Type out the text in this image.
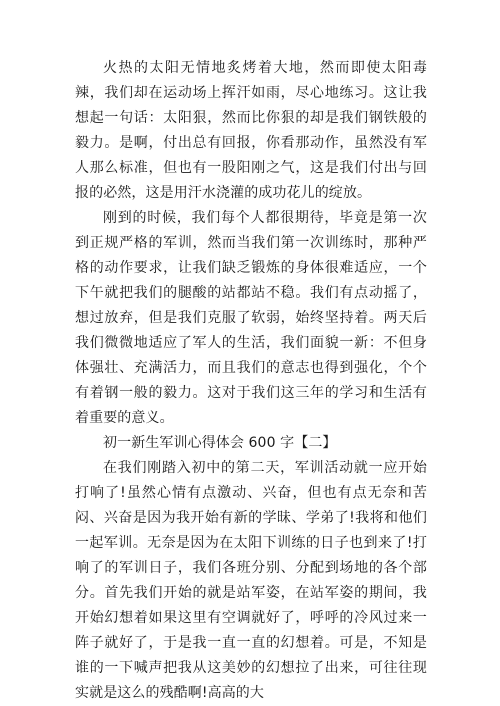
火热的太阳无情地炙烤着大地，然而即使太阳毒辣，我们却在运动场上挥汗如雨，尽心地练习。这让我想起一句话：太阳狠，然而比你狠的却是我们钢铁般的毅力。是啊，付出总有回报，你看那动作，虽然没有军人那么标准，但也有一股阳刚之气，这是我们付出与回报的必然，这是用汗水浇灌的成功花儿的绽放。

刚到的时候，我们每个人都很期待，毕竟是第一次到正规严格的军训，然而当我们第一次训练时，那种严格的动作要求，让我们缺乏锻炼的身体很难适应，一个下午就把我们的腿酸的站都站不稳。我们有点动摇了，想过放弃，但是我们克服了软弱，始终坚持着。两天后我们微微地适应了军人的生活，我们面貌一新：不但身体强壮、充满活力，而且我们的意志也得到强化，个个有着钢一般的毅力。这对于我们这三年的学习和生活有着重要的意义。

初一新生军训心得体会 600 字【二】

在我们刚踏入初中的第二天，军训活动就一应开始打响了!虽然心情有点激动、兴奋，但也有点无奈和苦闷、兴奋是因为我开始有新的学昧、学弟了!我将和他们一起军训。无奈是因为在太阳下训练的日子也到来了!打响了的军训日子，我们各班分别、分配到场地的各个部分。首先我们开始的就是站军姿，在站军姿的期间，我开始幻想着如果这里有空调就好了，呼呼的冷风过来一阵子就好了，于是我一直一直的幻想着。可是，不知是谁的一下喊声把我从这美妙的幻想拉了出来，可往往现实就是这么的残酷啊!高高的大
